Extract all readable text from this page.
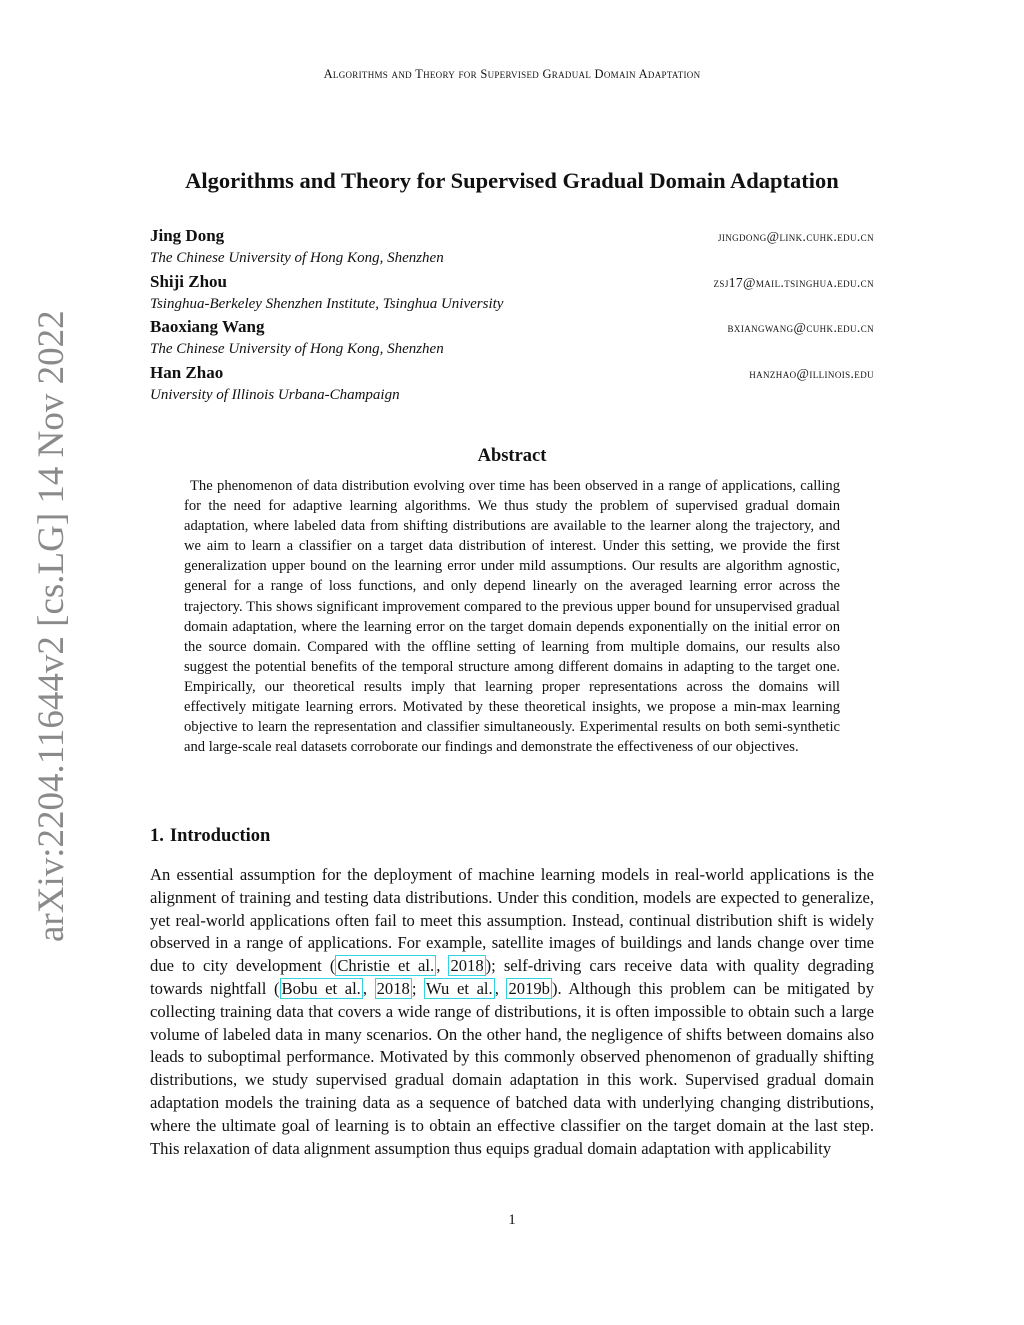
Algorithms and Theory for Supervised Gradual Domain Adaptation
arXiv:2204.11644v2 [cs.LG] 14 Nov 2022
Algorithms and Theory for Supervised Gradual Domain Adaptation
Jing Dong	jingdong@link.cuhk.edu.cn
The Chinese University of Hong Kong, Shenzhen
Shiji Zhou	zsj17@mail.tsinghua.edu.cn
Tsinghua-Berkeley Shenzhen Institute, Tsinghua University
Baoxiang Wang	bxiangwang@cuhk.edu.cn
The Chinese University of Hong Kong, Shenzhen
Han Zhao	hanzhao@illinois.edu
University of Illinois Urbana-Champaign
Abstract

The phenomenon of data distribution evolving over time has been observed in a range of applications, calling for the need for adaptive learning algorithms. We thus study the problem of supervised gradual domain adaptation, where labeled data from shifting distributions are available to the learner along the trajectory, and we aim to learn a classifier on a target data distribution of interest. Under this setting, we provide the first generalization upper bound on the learning error under mild assumptions. Our results are algorithm agnostic, general for a range of loss functions, and only depend linearly on the averaged learning error across the trajectory. This shows significant improvement compared to the previous upper bound for unsupervised gradual domain adaptation, where the learning error on the target domain depends exponentially on the initial error on the source domain. Compared with the offline setting of learning from multiple domains, our results also suggest the potential benefits of the temporal structure among different domains in adapting to the target one. Empirically, our theoretical results imply that learning proper representations across the domains will effectively mitigate learning errors. Motivated by these theoretical insights, we propose a min-max learning objective to learn the representation and classifier simultaneously. Experimental results on both semi-synthetic and large-scale real datasets corroborate our findings and demonstrate the effectiveness of our objectives.

1. Introduction

An essential assumption for the deployment of machine learning models in real-world applications is the alignment of training and testing data distributions. Under this condition, models are expected to generalize, yet real-world applications often fail to meet this assumption. Instead, continual distribution shift is widely observed in a range of applications. For example, satellite images of buildings and lands change over time due to city development ( Christie et al. , 2018 ); self-driving cars receive data with quality degrading towards nightfall ( Bobu et al. , 2018 ; Wu et al. , 2019b ). Although this problem can be mitigated by collecting training data that covers a wide range of distributions, it is often impossible to obtain such a large volume of labeled data in many scenarios. On the other hand, the negligence of shifts between domains also leads to suboptimal performance. Motivated by this commonly observed phenomenon of gradually shifting distributions, we study supervised gradual domain adaptation in this work. Supervised gradual domain adaptation models the training data as a sequence of batched data with underlying changing distributions, where the ultimate goal of learning is to obtain an effective classifier on the target domain at the last step. This relaxation of data alignment assumption thus equips gradual domain adaptation with applicability

1
